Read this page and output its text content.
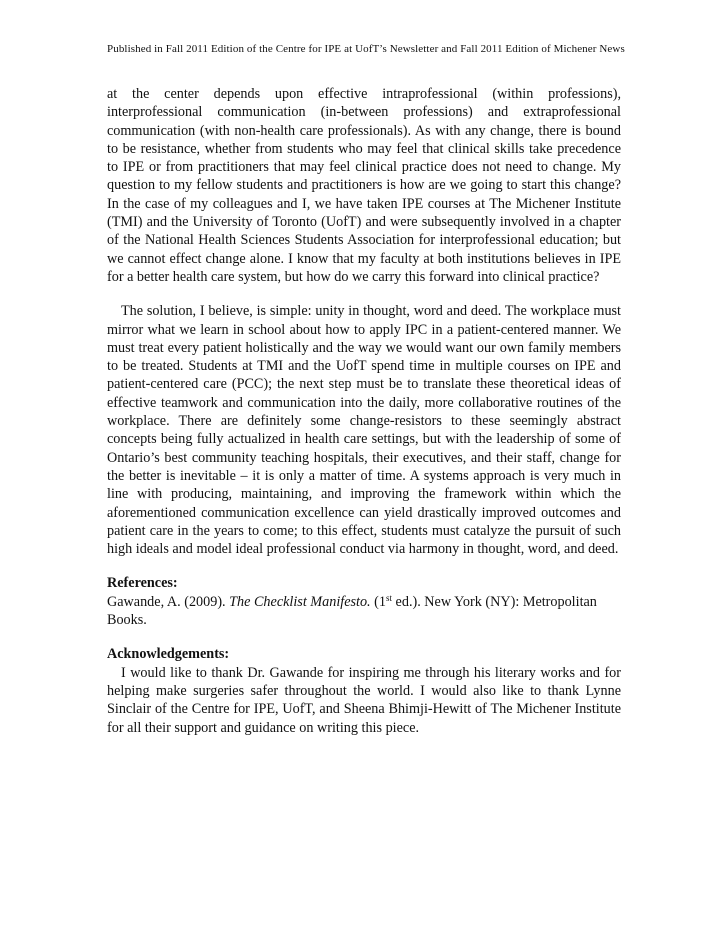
Published in Fall 2011 Edition of the Centre for IPE at UofT’s Newsletter and Fall 2011 Edition of Michener News

at the center depends upon effective intraprofessional (within professions), interprofessional communication (in-between professions) and extraprofessional communication (with non-health care professionals). As with any change, there is bound to be resistance, whether from students who may feel that clinical skills take precedence to IPE or from practitioners that may feel clinical practice does not need to change. My question to my fellow students and practitioners is how are we going to start this change? In the case of my colleagues and I, we have taken IPE courses at The Michener Institute (TMI) and the University of Toronto (UofT) and were subsequently involved in a chapter of the National Health Sciences Students Association for interprofessional education; but we cannot effect change alone. I know that my faculty at both institutions believes in IPE for a better health care system, but how do we carry this forward into clinical practice?

The solution, I believe, is simple: unity in thought, word and deed. The workplace must mirror what we learn in school about how to apply IPC in a patient-centered manner. We must treat every patient holistically and the way we would want our own family members to be treated. Students at TMI and the UofT spend time in multiple courses on IPE and patient-centered care (PCC); the next step must be to translate these theoretical ideas of effective teamwork and communication into the daily, more collaborative routines of the workplace. There are definitely some change-resistors to these seemingly abstract concepts being fully actualized in health care settings, but with the leadership of some of Ontario’s best community teaching hospitals, their executives, and their staff, change for the better is inevitable – it is only a matter of time. A systems approach is very much in line with producing, maintaining, and improving the framework within which the aforementioned communication excellence can yield drastically improved outcomes and patient care in the years to come; to this effect, students must catalyze the pursuit of such high ideals and model ideal professional conduct via harmony in thought, word, and deed.

References:

Gawande, A. (2009). The Checklist Manifesto. (1st ed.). New York (NY): Metropolitan Books.

Acknowledgements:

I would like to thank Dr. Gawande for inspiring me through his literary works and for helping make surgeries safer throughout the world. I would also like to thank Lynne Sinclair of the Centre for IPE, UofT, and Sheena Bhimji-Hewitt of The Michener Institute for all their support and guidance on writing this piece.
